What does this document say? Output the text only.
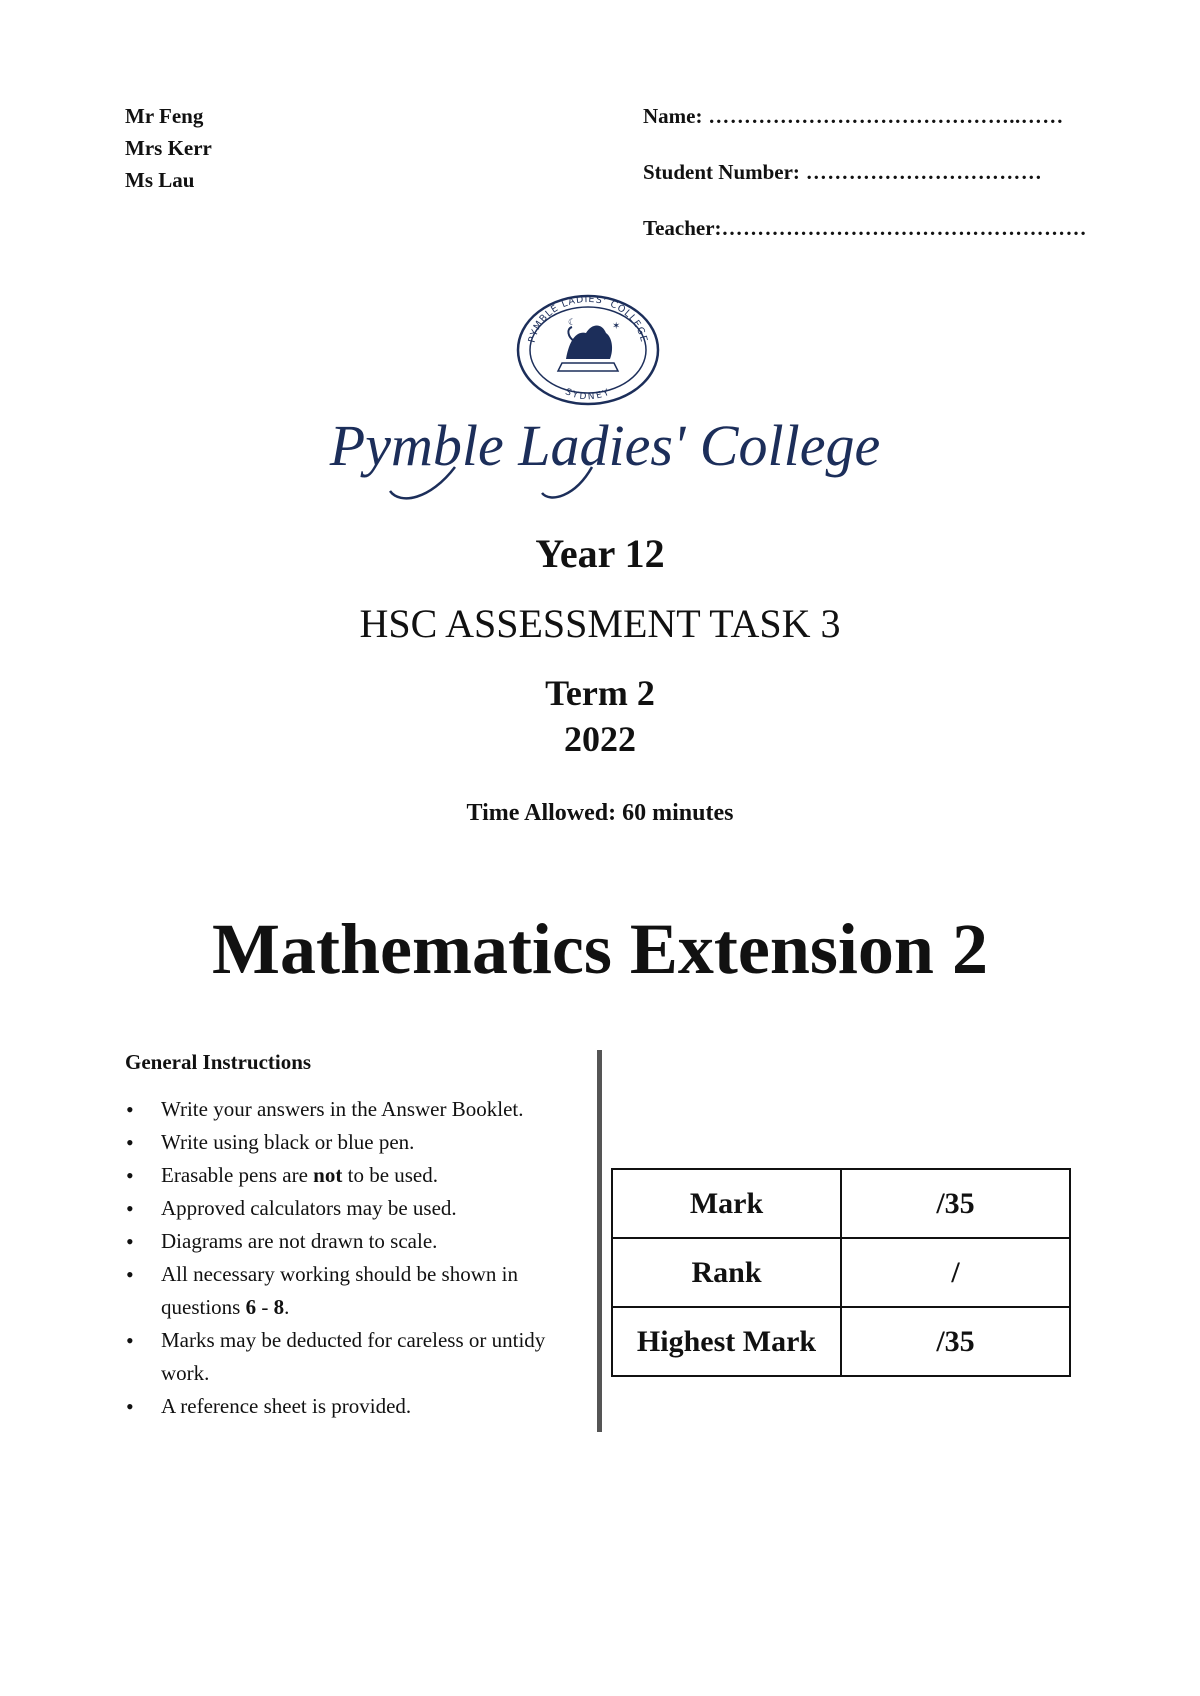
Mr Feng
Mrs Kerr
Ms Lau
Name: ……………………………………..……
Student Number: ……………………………
Teacher:……………………………………………
PYMBLE LADIES' COLLEGE
SYDNEY
✶
☾
Pymble Ladies' College
Year 12
HSC ASSESSMENT TASK 3
Term 2
2022
Time Allowed: 60 minutes
Mathematics Extension 2
General Instructions
• Write your answers in the Answer Booklet.
• Write using black or blue pen.
• Erasable pens are not to be used.
• Approved calculators may be used.
• Diagrams are not drawn to scale.
• All necessary working should be shown in questions 6 - 8.
• Marks may be deducted for careless or untidy work.
• A reference sheet is provided.
Mark	/35
Rank	/
Highest Mark	/35
